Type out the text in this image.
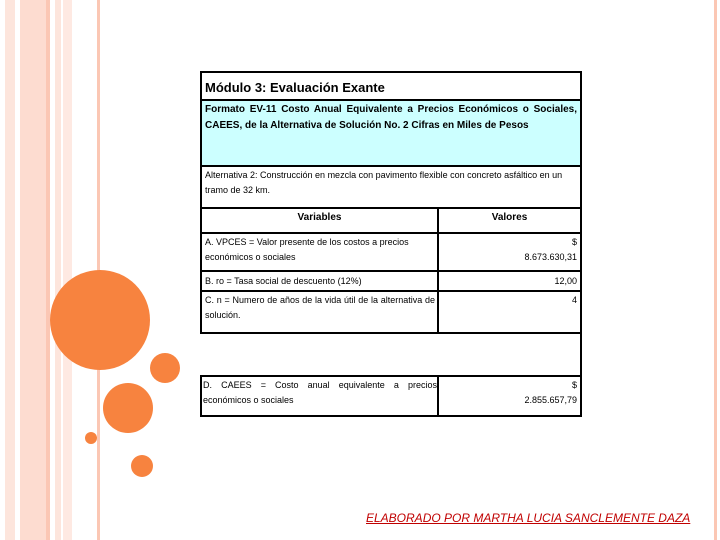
Módulo 3: Evaluación Exante
Formato EV-11 Costo Anual Equivalente a Precios Económicos o Sociales, CAEES, de la Alternativa de Solución No. 2 Cifras en Miles de Pesos
Alternativa 2: Construcción en mezcla con pavimento flexible con concreto asfáltico en un tramo de 32 km.
Variables	Valores
A. VPCES = Valor presente de los costos a precios económicos o sociales
$
8.673.630,31
B. ro = Tasa social de descuento (12%)	12,00
C. n = Numero de años de la vida útil de la alternativa de solución.
4
D. CAEES = Costo anual equivalente a precios económicos o sociales
$
2.855.657,79
ELABORADO POR MARTHA LUCIA SANCLEMENTE DAZA
